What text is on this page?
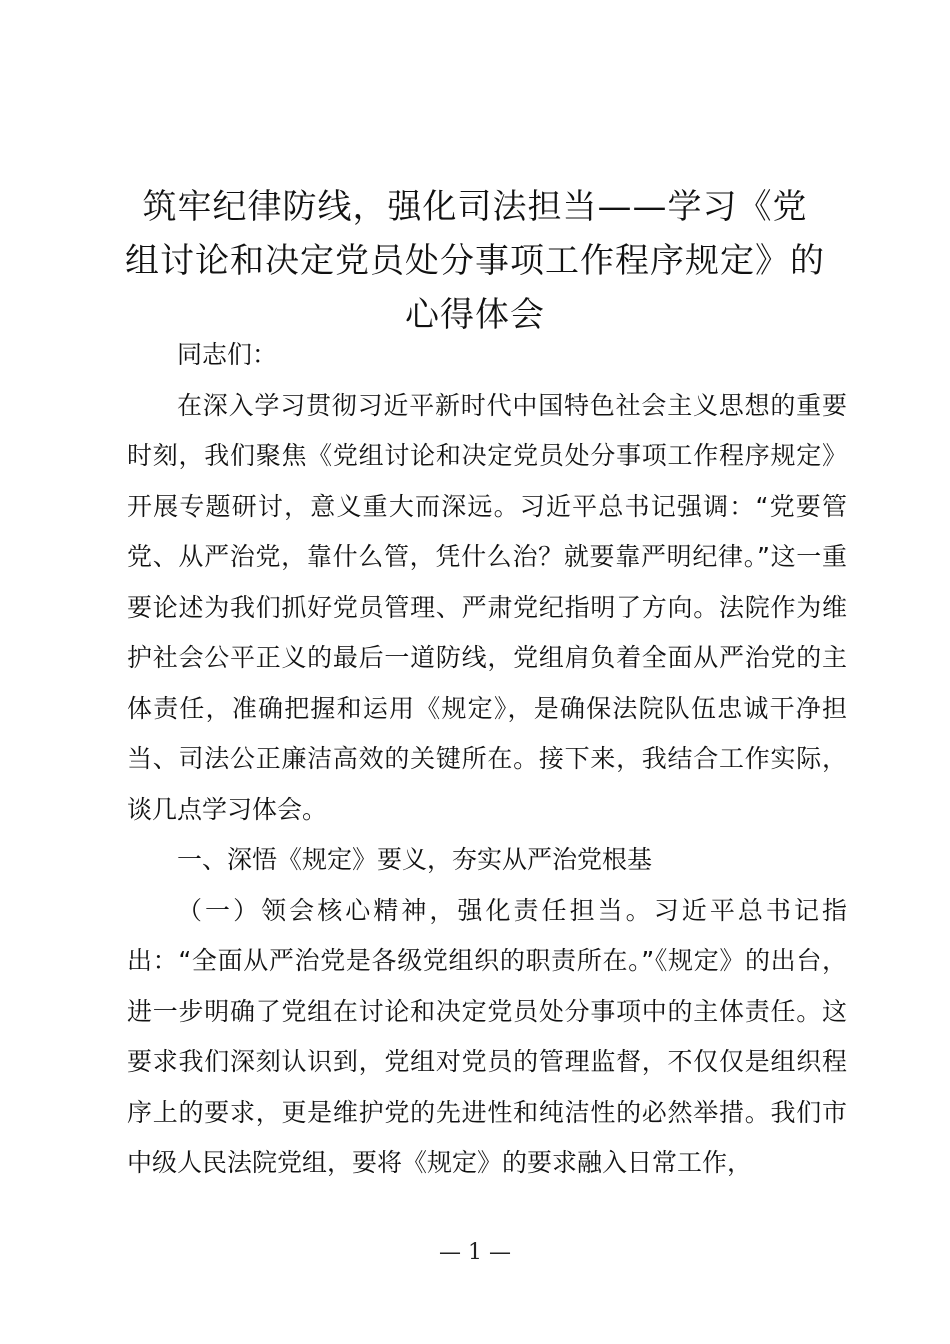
筑牢纪律防线，强化司法担当——学习《党
组讨论和决定党员处分事项工作程序规定》的
心得体会

同志们：

在深入学习贯彻习近平新时代中国特色社会主义思想的重要时刻，我们聚焦《党组讨论和决定党员处分事项工作程序规定》开展专题研讨，意义重大而深远。习近平总书记强调：“党要管党、从严治党，靠什么管，凭什么治？就要靠严明纪律。”这一重要论述为我们抓好党员管理、严肃党纪指明了方向。法院作为维护社会公平正义的最后一道防线，党组肩负着全面从严治党的主体责任，准确把握和运用《规定》，是确保法院队伍忠诚干净担当、司法公正廉洁高效的关键所在。接下来，我结合工作实际，谈几点学习体会。

一、深悟《规定》要义，夯实从严治党根基

（一）领会核心精神，强化责任担当。习近平总书记指出：“全面从严治党是各级党组织的职责所在。”《规定》的出台，进一步明确了党组在讨论和决定党员处分事项中的主体责任。这要求我们深刻认识到，党组对党员的管理监督，不仅仅是组织程序上的要求，更是维护党的先进性和纯洁性的必然举措。我们市中级人民法院党组，要将《规定》的要求融入日常工作，

— 1 —
